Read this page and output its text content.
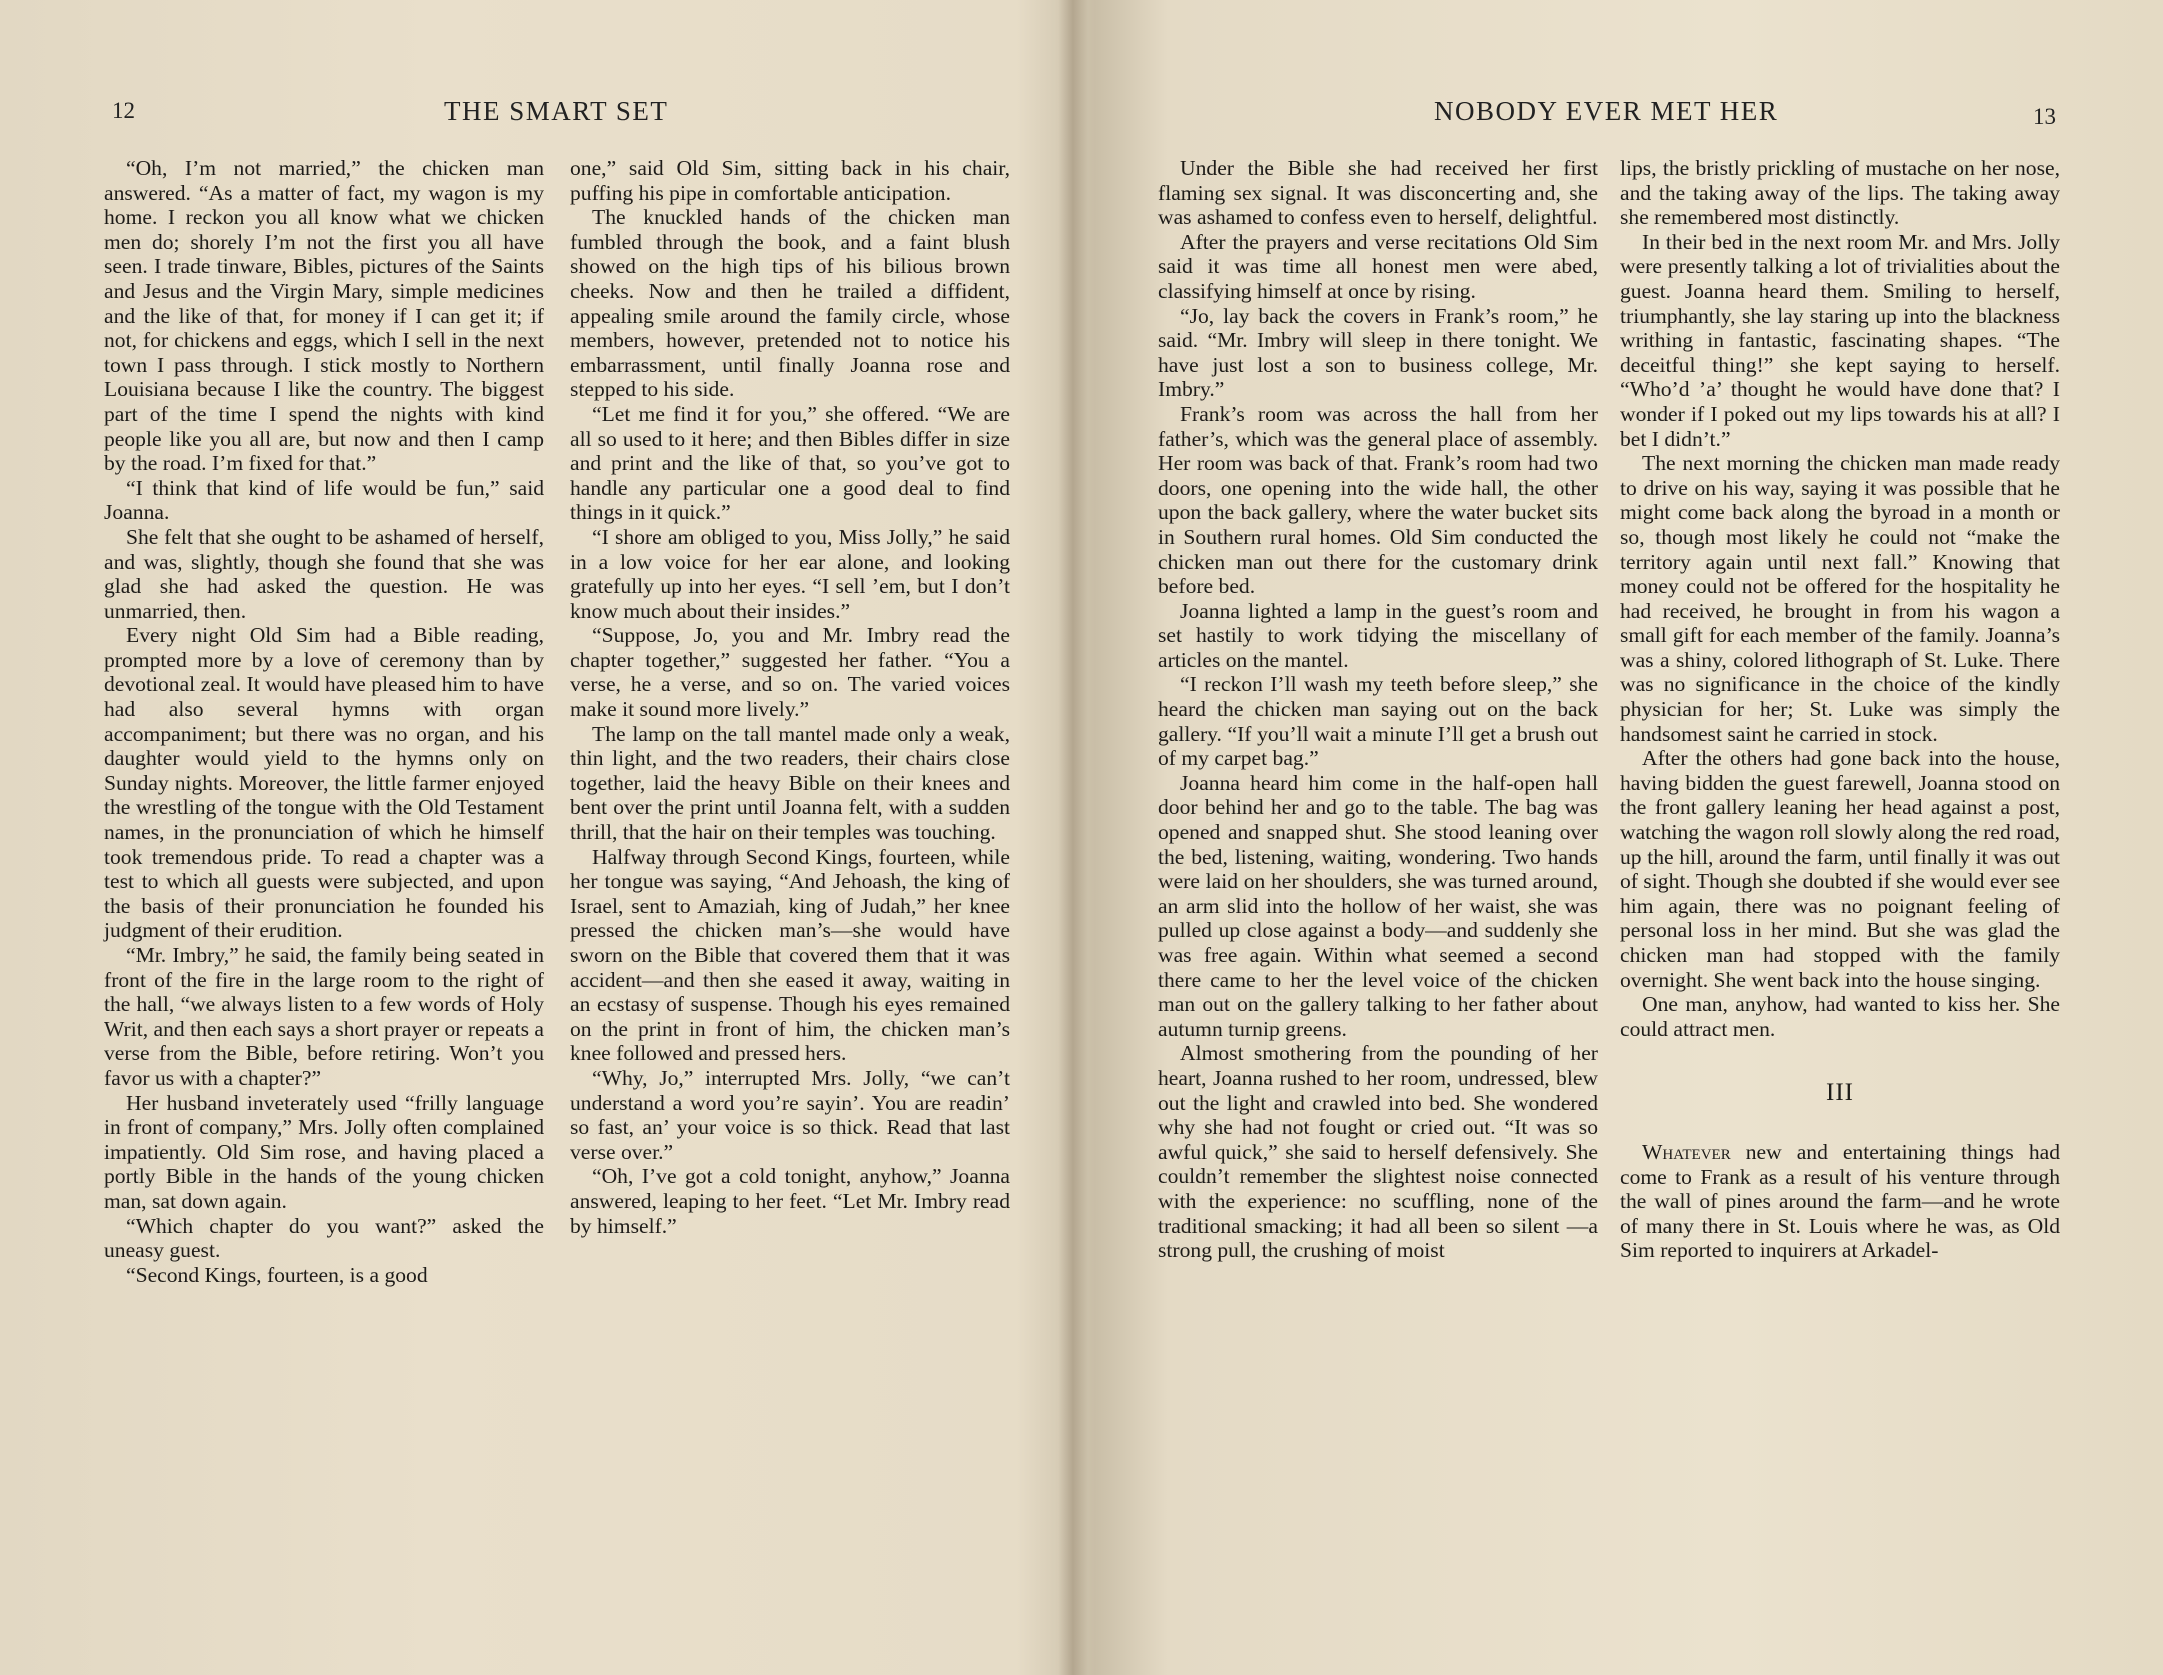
12	THE SMART SET

“Oh, I’m not married,” the chicken man answered. “As a matter of fact, my wagon is my home. I reckon you all know what we chicken men do; shorely I’m not the first you all have seen. I trade tinware, Bibles, pictures of the Saints and Jesus and the Virgin Mary, simple medicines and the like of that, for money if I can get it; if not, for chickens and eggs, which I sell in the next town I pass through. I stick mostly to Northern Louisiana because I like the country. The biggest part of the time I spend the nights with kind people like you all are, but now and then I camp by the road. I’m fixed for that.”

“I think that kind of life would be fun,” said Joanna.

She felt that she ought to be ashamed of herself, and was, slightly, though she found that she was glad she had asked the question. He was unmarried, then.

Every night Old Sim had a Bible reading, prompted more by a love of ceremony than by devotional zeal. It would have pleased him to have had also several hymns with organ accompaniment; but there was no organ, and his daughter would yield to the hymns only on Sunday nights. Moreover, the little farmer enjoyed the wrestling of the tongue with the Old Testament names, in the pronunciation of which he himself took tremendous pride. To read a chapter was a test to which all guests were subjected, and upon the basis of their pronunciation he founded his judgment of their erudition.

“Mr. Imbry,” he said, the family being seated in front of the fire in the large room to the right of the hall, “we always listen to a few words of Holy Writ, and then each says a short prayer or repeats a verse from the Bible, before retiring. Won’t you favor us with a chapter?”

Her husband inveterately used “frilly language in front of company,” Mrs. Jolly often complained impatiently. Old Sim rose, and having placed a portly Bible in the hands of the young chicken man, sat down again.

“Which chapter do you want?” asked the uneasy guest.

“Second Kings, fourteen, is a good

one,” said Old Sim, sitting back in his chair, puffing his pipe in comfortable anticipation.

The knuckled hands of the chicken man fumbled through the book, and a faint blush showed on the high tips of his bilious brown cheeks. Now and then he trailed a diffident, appealing smile around the family circle, whose members, however, pretended not to notice his embarrassment, until finally Joanna rose and stepped to his side.

“Let me find it for you,” she offered. “We are all so used to it here; and then Bibles differ in size and print and the like of that, so you’ve got to handle any particular one a good deal to find things in it quick.”

“I shore am obliged to you, Miss Jolly,” he said in a low voice for her ear alone, and looking gratefully up into her eyes. “I sell ’em, but I don’t know much about their insides.”

“Suppose, Jo, you and Mr. Imbry read the chapter together,” suggested her father. “You a verse, he a verse, and so on. The varied voices make it sound more lively.”

The lamp on the tall mantel made only a weak, thin light, and the two readers, their chairs close together, laid the heavy Bible on their knees and bent over the print until Joanna felt, with a sudden thrill, that the hair on their temples was touching.

Halfway through Second Kings, fourteen, while her tongue was saying, “And Jehoash, the king of Israel, sent to Amaziah, king of Judah,” her knee pressed the chicken man’s—she would have sworn on the Bible that covered them that it was accident—and then she eased it away, waiting in an ecstasy of suspense. Though his eyes remained on the print in front of him, the chicken man’s knee followed and pressed hers.

“Why, Jo,” interrupted Mrs. Jolly, “we can’t understand a word you’re sayin’. You are readin’ so fast, an’ your voice is so thick. Read that last verse over.”

“Oh, I’ve got a cold tonight, anyhow,” Joanna answered, leaping to her feet. “Let Mr. Imbry read by himself.”

NOBODY EVER MET HER	13

Under the Bible she had received her first flaming sex signal. It was disconcerting and, she was ashamed to confess even to herself, delightful.

After the prayers and verse recitations Old Sim said it was time all honest men were abed, classifying himself at once by rising.

“Jo, lay back the covers in Frank’s room,” he said. “Mr. Imbry will sleep in there tonight. We have just lost a son to business college, Mr. Imbry.”

Frank’s room was across the hall from her father’s, which was the general place of assembly. Her room was back of that. Frank’s room had two doors, one opening into the wide hall, the other upon the back gallery, where the water bucket sits in Southern rural homes. Old Sim conducted the chicken man out there for the customary drink before bed.

Joanna lighted a lamp in the guest’s room and set hastily to work tidying the miscellany of articles on the mantel.

“I reckon I’ll wash my teeth before sleep,” she heard the chicken man saying out on the back gallery. “If you’ll wait a minute I’ll get a brush out of my carpet bag.”

Joanna heard him come in the half-open hall door behind her and go to the table. The bag was opened and snapped shut. She stood leaning over the bed, listening, waiting, wondering. Two hands were laid on her shoulders, she was turned around, an arm slid into the hollow of her waist, she was pulled up close against a body—and suddenly she was free again. Within what seemed a second there came to her the level voice of the chicken man out on the gallery talking to her father about autumn turnip greens.

Almost smothering from the pounding of her heart, Joanna rushed to her room, undressed, blew out the light and crawled into bed. She wondered why she had not fought or cried out. “It was so awful quick,” she said to herself defensively. She couldn’t remember the slightest noise connected with the experience: no scuffling, none of the traditional smacking; it had all been so silent —a strong pull, the crushing of moist

lips, the bristly prickling of mustache on her nose, and the taking away of the lips. The taking away she remembered most distinctly.

In their bed in the next room Mr. and Mrs. Jolly were presently talking a lot of trivialities about the guest. Joanna heard them. Smiling to herself, triumphantly, she lay staring up into the blackness writhing in fantastic, fascinating shapes. “The deceitful thing!” she kept saying to herself. “Who’d ’a’ thought he would have done that? I wonder if I poked out my lips towards his at all? I bet I didn’t.”

The next morning the chicken man made ready to drive on his way, saying it was possible that he might come back along the byroad in a month or so, though most likely he could not “make the territory again until next fall.” Knowing that money could not be offered for the hospitality he had received, he brought in from his wagon a small gift for each member of the family. Joanna’s was a shiny, colored lithograph of St. Luke. There was no significance in the choice of the kindly physician for her; St. Luke was simply the handsomest saint he carried in stock.

After the others had gone back into the house, having bidden the guest farewell, Joanna stood on the front gallery leaning her head against a post, watching the wagon roll slowly along the red road, up the hill, around the farm, until finally it was out of sight. Though she doubted if she would ever see him again, there was no poignant feeling of personal loss in her mind. But she was glad the chicken man had stopped with the family overnight. She went back into the house singing.

One man, anyhow, had wanted to kiss her. She could attract men.

III

Whatever new and entertaining things had come to Frank as a result of his venture through the wall of pines around the farm—and he wrote of many there in St. Louis where he was, as Old Sim reported to inquirers at Arkadel-
